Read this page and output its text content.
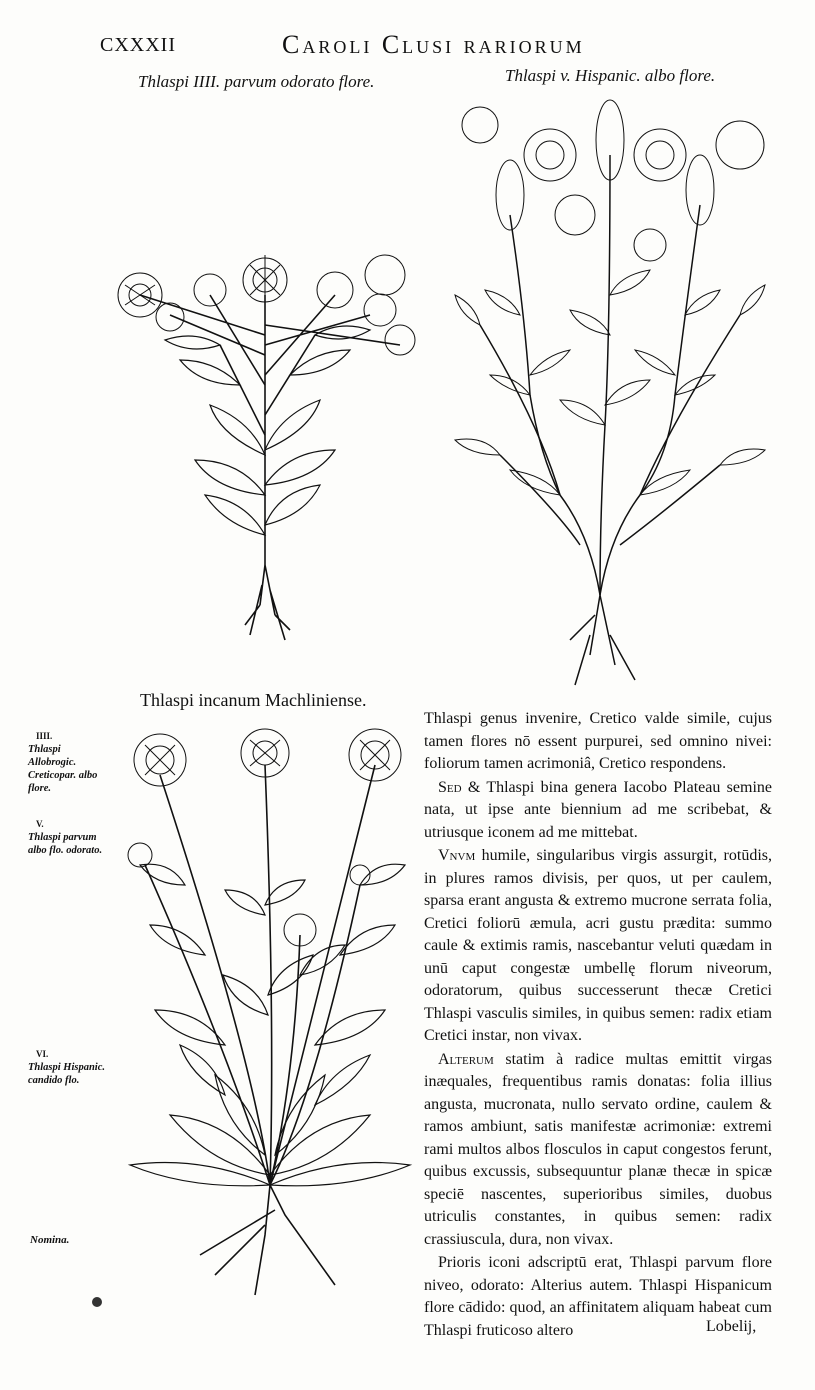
CXXXII	Caroli Clusi rariorum
Thlaspi IIII. parvum odorato flore.	Thlaspi v. Hispanic. albo flore.
Thlaspi incanum Machliniense.
IIII.
Thlaspi Allobrogic. Creticopar. albo flore.
V.
Thlaspi parvum albo flo. odorato.
VI.
Thlaspi Hispanic. candido flo.
Nomina.

Thlaspi genus invenire, Cretico valde simile, cujus tamen flores nō essent purpurei, sed omnino nivei: foliorum tamen acrimoniâ, Cretico respondens.

Sed & Thlaspi bina genera Iacobo Plateau semine nata, ut ipse ante biennium ad me scribebat, & utriusque iconem ad me mittebat.

Vnvm humile, singularibus virgis assurgit, rotūdis, in plures ramos divisis, per quos, ut per caulem, sparsa erant angusta & extremo mucrone serrata folia, Cretici foliorū æmula, acri gustu prædita: summo caule & extimis ramis, nascebantur veluti quædam in unū caput congestæ umbellę florum niveorum, odoratorum, quibus successerunt thecæ Cretici Thlaspi vasculis similes, in quibus semen: radix etiam Cretici instar, non vivax.

Alterum statim à radice multas emittit virgas inæquales, frequentibus ramis donatas: folia illius angusta, mucronata, nullo servato ordine, caulem & ramos ambiunt, satis manifestæ acrimoniæ: extremi rami multos albos flosculos in caput congestos ferunt, quibus excussis, subsequuntur planæ thecæ in spicæ speciē nascentes, superioribus similes, duobus utriculis constantes, in quibus semen: radix crassiuscula, dura, non vivax.

Prioris iconi adscriptū erat, Thlaspi parvum flore niveo, odorato: Alterius autem. Thlaspi Hispanicum flore cādido: quod, an affinitatem aliquam habeat cum Thlaspi fruticoso altero	Lobelij,
